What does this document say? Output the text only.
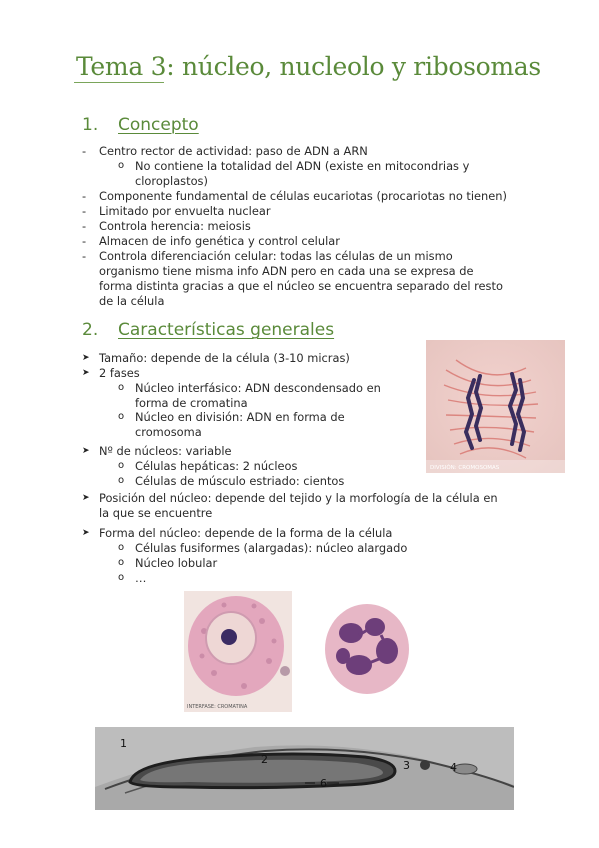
Tema 3: núcleo, nucleolo y ribosomas
1. Concepto
- Centro rector de actividad: paso de ADN a ARN
o No contiene la totalidad del ADN (existe en mitocondrias y
cloroplastos)
- Componente fundamental de células eucariotas (procariotas no tienen)
- Limitado por envuelta nuclear
- Controla herencia: meiosis
- Almacen de info genética y control celular
- Controla diferenciación celular: todas las células de un mismo
organismo tiene misma info ADN pero en cada una se expresa de
forma distinta gracias a que el núcleo se encuentra separado del resto
de la célula
2. Características generales
➤ Tamaño: depende de la célula (3-10 micras)
➤ 2 fases
o Núcleo interfásico: ADN descondensado en
forma de cromatina
o Núcleo en división: ADN en forma de
cromosoma
➤ Nº de núcleos: variable
o Células hepáticas: 2 núcleos
o Células de músculo estriado: cientos
➤ Posición del núcleo: depende del tejido y la morfología de la célula en
la que se encuentre
➤ Forma del núcleo: depende de la forma de la célula
o Células fusiformes (alargadas): núcleo alargado
o Núcleo lobular
o …
DIVISIÓN: CROMOSOMAS
INTERFASE: CROMATINA
1
2	3	4
6
